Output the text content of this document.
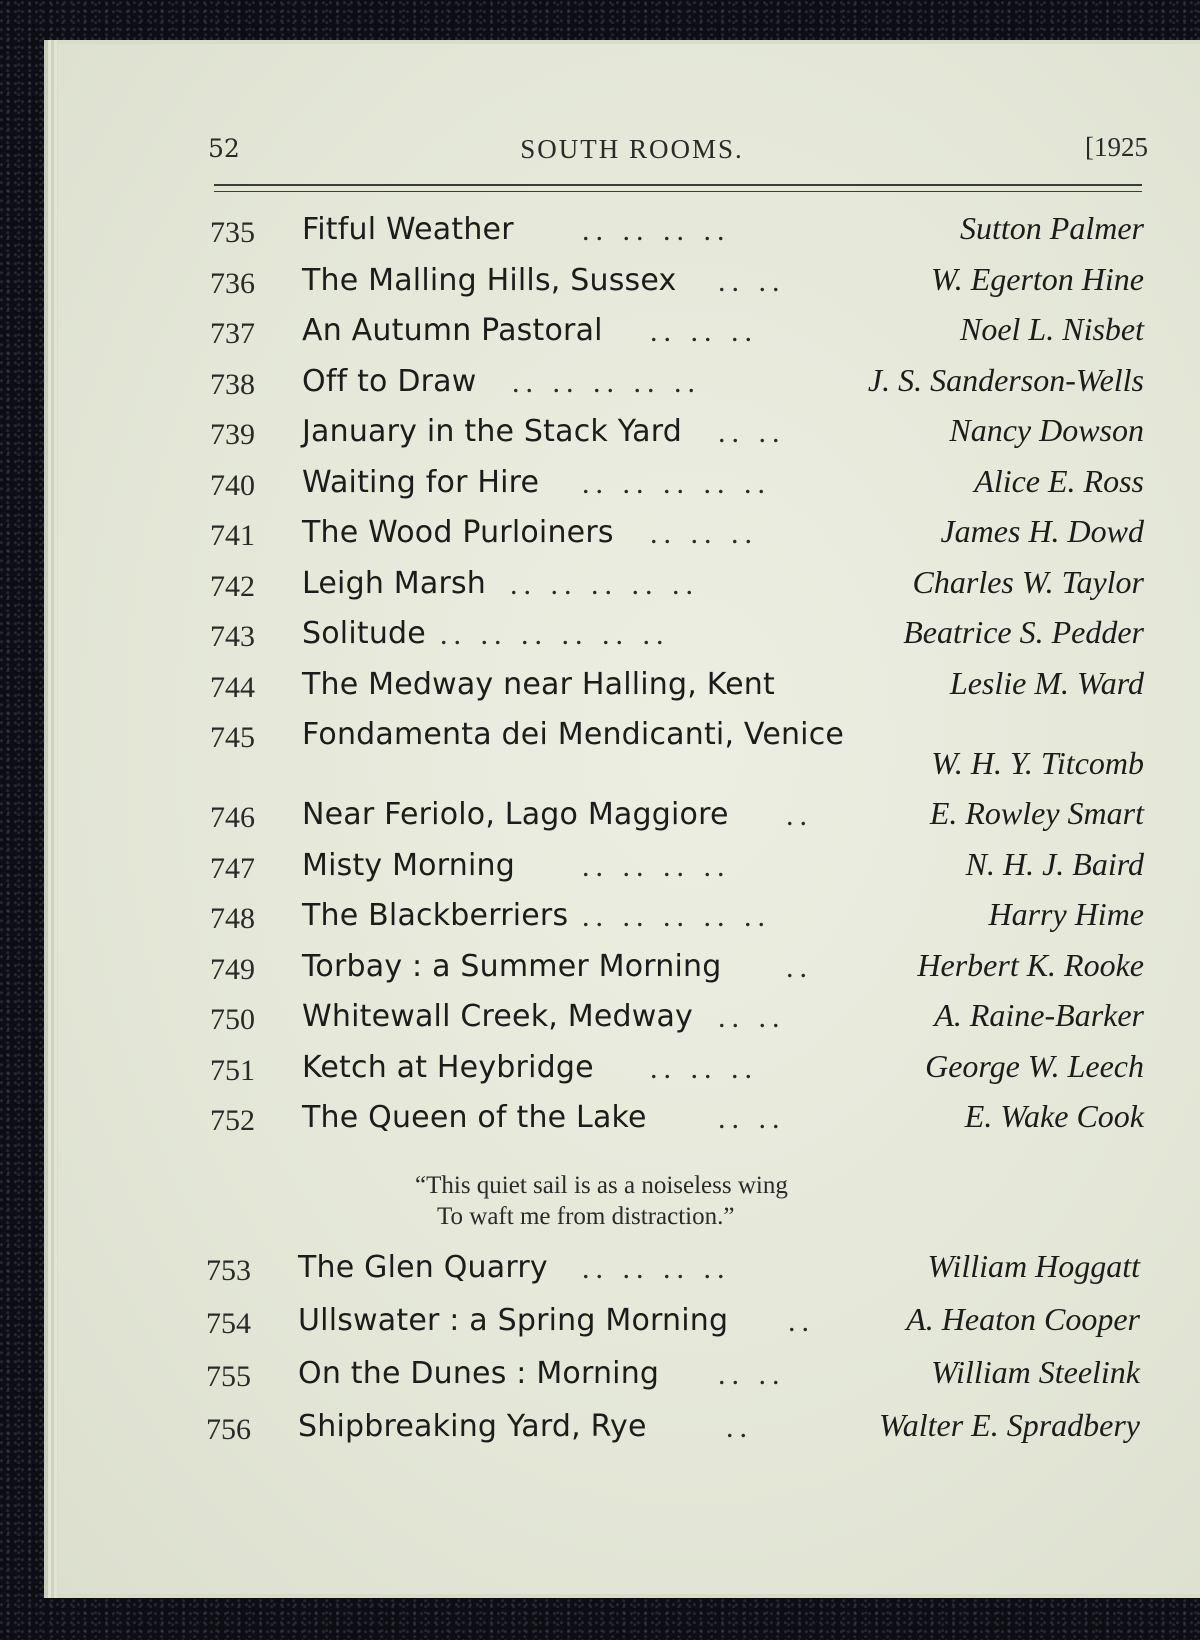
52	SOUTH ROOMS.	[1925
735 Fitful Weather .. .. .. ..	Sutton Palmer
736 The Malling Hills, Sussex .. ..	W. Egerton Hine
737 An Autumn Pastoral .. .. ..	Noel L. Nisbet
738 Off to Draw .. .. .. .. ..	J. S. Sanderson-Wells
739 January in the Stack Yard .. ..	Nancy Dowson
740 Waiting for Hire .. .. .. .. ..	Alice E. Ross
741 The Wood Purloiners .. .. ..	James H. Dowd
742 Leigh Marsh .. .. .. .. ..	Charles W. Taylor
743 Solitude .. .. .. .. .. ..	Beatrice S. Pedder
744 The Medway near Halling, Kent	Leslie M. Ward
745 Fondamenta dei Mendicanti, Venice
W. H. Y. Titcomb
746 Near Feriolo, Lago Maggiore ..	E. Rowley Smart
747 Misty Morning .. .. .. ..	N. H. J. Baird
748 The Blackberriers .. .. .. .. ..	Harry Hime
749 Torbay : a Summer Morning ..	Herbert K. Rooke
750 Whitewall Creek, Medway .. ..	A. Raine-Barker
751 Ketch at Heybridge .. .. ..	George W. Leech
752 The Queen of the Lake .. ..	E. Wake Cook
“This quiet sail is as a noiseless wing
To waft me from distraction.”
753 The Glen Quarry .. .. .. ..	William Hoggatt
754 Ullswater : a Spring Morning ..	A. Heaton Cooper
755 On the Dunes : Morning .. ..	William Steelink
756 Shipbreaking Yard, Rye	..	Walter E. Spradbery
